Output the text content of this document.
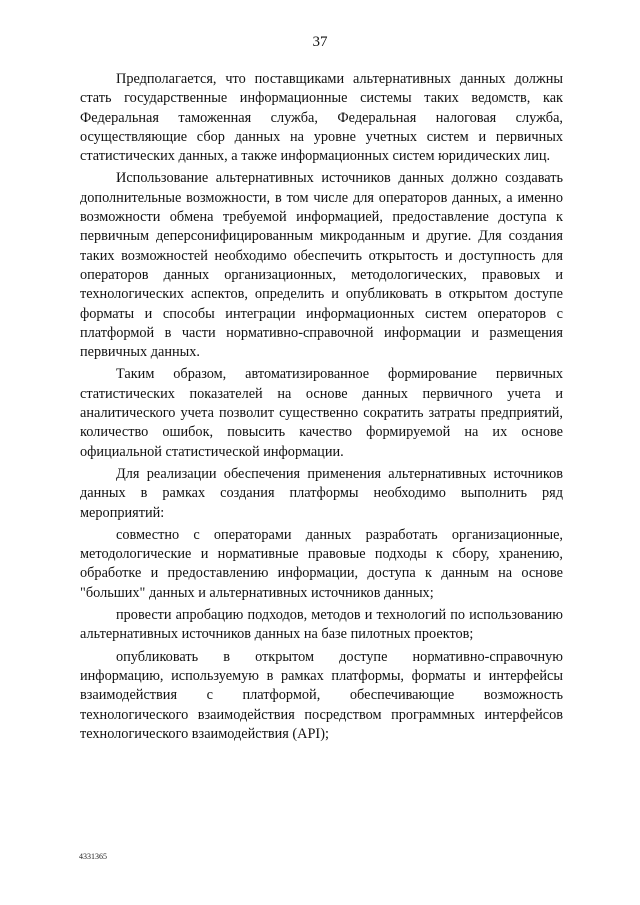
37

Предполагается, что поставщиками альтернативных данных должны стать государственные информационные системы таких ведомств, как Федеральная таможенная служба, Федеральная налоговая служба, осуществляющие сбор данных на уровне учетных систем и первичных статистических данных, а также информационных систем юридических лиц.

Использование альтернативных источников данных должно создавать дополнительные возможности, в том числе для операторов данных, а именно возможности обмена требуемой информацией, предоставление доступа к первичным деперсонифицированным микроданным и другие. Для создания таких возможностей необходимо обеспечить открытость и доступность для операторов данных организационных, методологических, правовых и технологических аспектов, определить и опубликовать в открытом доступе форматы и способы интеграции информационных систем операторов с платформой в части нормативно-справочной информации и размещения первичных данных.

Таким образом, автоматизированное формирование первичных статистических показателей на основе данных первичного учета и аналитического учета позволит существенно сократить затраты предприятий, количество ошибок, повысить качество формируемой на их основе официальной статистической информации.

Для реализации обеспечения применения альтернативных источников данных в рамках создания платформы необходимо выполнить ряд мероприятий:

совместно с операторами данных разработать организационные, методологические и нормативные правовые подходы к сбору, хранению, обработке и предоставлению информации, доступа к данным на основе "больших" данных и альтернативных источников данных;

провести апробацию подходов, методов и технологий по использованию альтернативных источников данных на базе пилотных проектов;

опубликовать в открытом доступе нормативно-справочную информацию, используемую в рамках платформы, форматы и интерфейсы взаимодействия с платформой, обеспечивающие возможность технологического взаимодействия посредством программных интерфейсов технологического взаимодействия (API);

4331365
